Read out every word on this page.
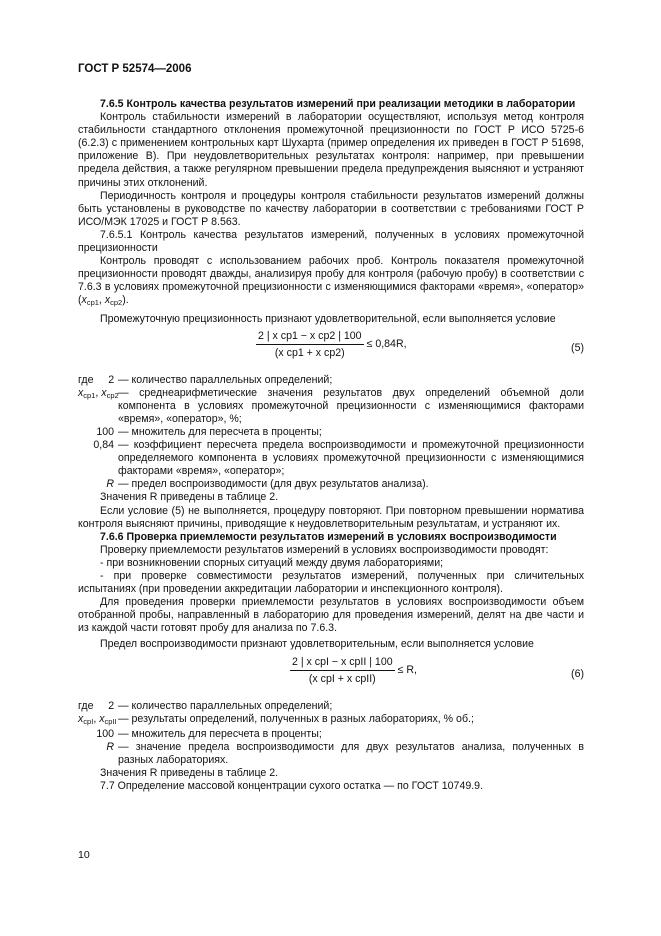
ГОСТ Р 52574—2006

7.6.5 Контроль качества результатов измерений при реализации методики в лаборатории

Контроль стабильности измерений в лаборатории осуществляют, используя метод контроля стабильности стандартного отклонения промежуточной прецизионности по ГОСТ Р ИСО 5725-6 (6.2.3) с применением контрольных карт Шухарта (пример определения их приведен в ГОСТ Р 51698, приложение В). При неудовлетворительных результатах контроля: например, при превышении предела действия, а также регулярном превышении предела предупреждения выясняют и устраняют причины этих отклонений.

Периодичность контроля и процедуры контроля стабильности результатов измерений должны быть установлены в руководстве по качеству лаборатории в соответствии с требованиями ГОСТ Р ИСО/МЭК 17025 и ГОСТ Р 8.563.

7.6.5.1 Контроль качества результатов измерений, полученных в условиях промежуточной прецизионности

Контроль проводят с использованием рабочих проб. Контроль показателя промежуточной прецизионности проводят дважды, анализируя пробу для контроля (рабочую пробу) в соответствии с 7.6.3 в условиях промежуточной прецизионности с изменяющимися факторами «время», «оператор» ($x_{ср1}$, $x_{ср2}$).

Промежуточную прецизионность признают удовлетворительной, если выполняется условие

$\frac{\text{2 | x cp1 − x cp2 | 100}}{\text{(x cp1 + x cp2)}} \le 0,84R$,	(5)
где 2 — количество параллельных определений;
$x_{ср1}$, $x_{ср2}$ — среднеарифметические значения результатов двух определений объемной доли компонента в условиях промежуточной прецизионности с изменяющимися факторами «время», «оператор», %;
100 — множитель для пересчета в проценты;
0,84 — коэффициент пересчета предела воспроизводимости и промежуточной прецизионности определяемого компонента в условиях промежуточной прецизионности с изменяющимися факторами «время», «оператор»;
R — предел воспроизводимости (для двух результатов анализа).

Значения R приведены в таблице 2.

Если условие (5) не выполняется, процедуру повторяют. При повторном превышении норматива контроля выясняют причины, приводящие к неудовлетворительным результатам, и устраняют их.

7.6.6 Проверка приемлемости результатов измерений в условиях воспроизводимости

Проверку приемлемости результатов измерений в условиях воспроизводимости проводят:

- при возникновении спорных ситуаций между двумя лабораториями;

- при проверке совместимости результатов измерений, полученных при сличительных испытаниях (при проведении аккредитации лаборатории и инспекционного контроля).

Для проведения проверки приемлемости результатов в условиях воспроизводимости объем отобранной пробы, направленный в лабораторию для проведения измерений, делят на две части и из каждой части готовят пробу для анализа по 7.6.3.

Предел воспроизводимости признают удовлетворительным, если выполняется условие

$\frac{\text{2 | x cpI − x cpII | 100}}{\text{(x cpI + x cpII)}} \le R$,	(6)
где 2 — количество параллельных определений;
$x_{срI}$, $x_{срII}$ — результаты определений, полученных в разных лабораториях, % об.;
100 — множитель для пересчета в проценты;
R — значение предела воспроизводимости для двух результатов анализа, полученных в разных лабораториях.

Значения R приведены в таблице 2.

7.7 Определение массовой концентрации сухого остатка — по ГОСТ 10749.9.

10
